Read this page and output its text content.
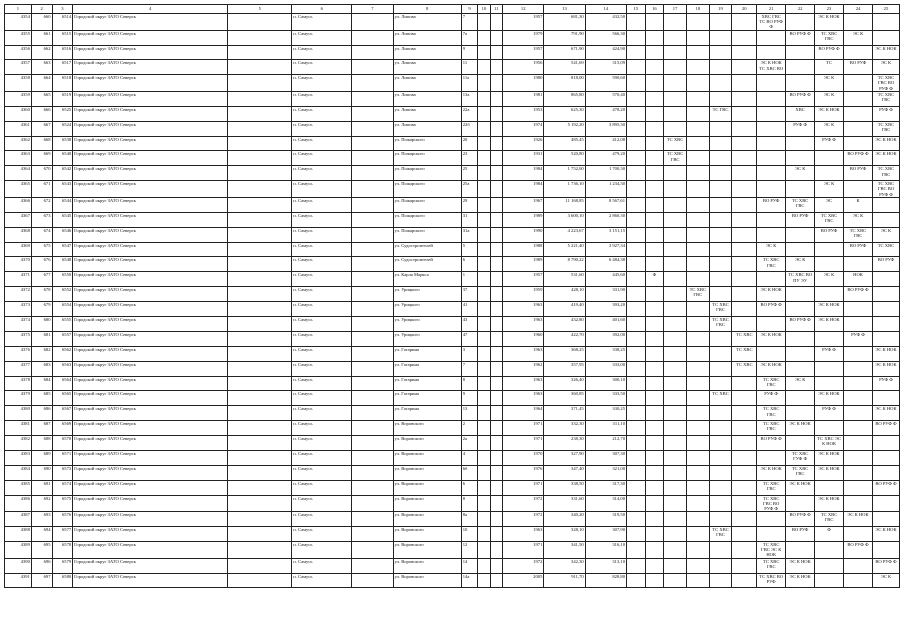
1	2	3	4	5	6	7	8	9	10	11	12	13	14	15	16	17	18	19	20	21	22	23	24	25
4354	660	6514	Городской округ ЗАТО Северск		п. Самусь		ул. Липова	7			1957	681,30	432,50							ХВС ГВС ТС ВО РУФ Ф		ЭС К НОК		
4355	661	6515	Городской округ ЗАТО Северск		п. Самусь		ул. Липова	7а			1979	791,90	566,30								ВО РУФ Ф	ТС ХВС ГВС	ЭС К	
4356	662	6516	Городской округ ЗАТО Северск		п. Самусь		ул. Липова	9			1957	671,90	424,90									ВО РУФ Ф		ЭС К НОК
4357	663	6517	Городской округ ЗАТО Северск		п. Самусь		ул. Липова	11			1956	541,69	315,09							ЭС К НОК ТС ХВС ВО		ТС	ВО РУФ	ЭС К
4358	664	6518	Городской округ ЗАТО Северск		п. Самусь		ул. Липова	11а			1980	818,00	590,60									ЭС К		ТС ХВС ГВС ВО РУФ Ф
4359	665	6519	Городской округ ЗАТО Северск		п. Самусь		ул. Липова	13а			1981	865,80	570,40								ВО РУФ Ф	ЭС К		ТС ХВС ГВС
4360	666	6525	Городской округ ЗАТО Северск		п. Самусь		ул. Липова	22а			1953	625,30	478,20					ТС ГВС			ХВС	ЭС К НОК		РУФ Ф
4361	667	6524	Городской округ ЗАТО Северск		п. Самусь		ул. Липова	22б			1974	5 192,20	3 895,30								РУФ Ф	ЭС К		ТС ХВС ГВС
4362	668	6538	Городской округ ЗАТО Северск		п. Самусь		ул. Пожарского	20			1926	485,45	412,08			ТС ХВС						РУФ Ф		ЭС К НОК
4363	669	6540	Городской округ ЗАТО Северск		п. Самусь		ул. Пожарского	23			1931	520,80	479,20			ТС ХВС ГВС							ВО РУФ Ф	ЭС К НОК
4364	670	6542	Городской округ ЗАТО Северск		п. Самусь		ул. Пожарского	25			1984	1 752,00	1 700,30								ЭС К		ВО РУФ	ТС ХВС ГВС
4365	671	6543	Городской округ ЗАТО Северск		п. Самусь		ул. Пожарского	25а			1984	1 736,10	1 234,30									ЭС К		ТС ХВС ГВС ВО РУФ Ф
4366	672	6544	Городской округ ЗАТО Северск		п. Самусь		ул. Пожарского	29			1967	11 168,85	8 567,61							ВО РУФ	ТС ХВС ГВС	ЭС	К	
4367	673	6545	Городской округ ЗАТО Северск		п. Самусь		ул. Пожарского	31			1989	3 600,10	2 860,30								ВО РУФ	ТС ХВС ГВС	ЭС К	
4368	674	6546	Городской округ ЗАТО Северск		п. Самусь		ул. Пожарского	31а			1990	4 223,67	3 151,15									ВО РУФ	ТС ХВС ГВС	ЭС К
4369	675	6547	Городской округ ЗАТО Северск		п. Самусь		ул. Судостроителей	5			1988	5 221,40	3 927,34							ЭС К			ВО РУФ	ТС ХВС
4370	676	6548	Городской округ ЗАТО Северск		п. Самусь		ул. Судостроителей	6			1989	8 790,22	6 484,38							ТС ХВС ГВС	ЭС К			ВО РУФ
4371	677	6550	Городской округ ЗАТО Северск		п. Самусь		ул. Карла Маркса	1			1957	531,60	445,60		Ф						ТС ХВС ВО ПУ ЭУ	ЭС К	НОК	
4372	678	6552	Городской округ ЗАТО Северск		п. Самусь		ул. Урицкого	37			1959	428,10	331,90				ТС ХВС ГВС			ЭС К НОК			ВО РУФ Ф	
4373	679	6554	Городской округ ЗАТО Северск		п. Самусь		ул. Урицкого	41			1963	419,40	393,20					ТС ХВС ГВС		ВО РУФ Ф		ЭС К НОК		
4374	680	6555	Городской округ ЗАТО Северск		п. Самусь		ул. Урицкого	43			1963	432,80	401,60					ТС ХВС ГВС			ВО РУФ Ф	ЭС К НОК		
4375	681	6557	Городской округ ЗАТО Северск		п. Самусь		ул. Урицкого	47			1960	422,70	392,00						ТС ХВС	ЭС К НОК			РУФ Ф	
4376	682	6562	Городской округ ЗАТО Северск		п. Самусь		ул. Гагарина	3			1963	368,25	338,25						ТС ХВС			РУФ Ф		ЭС К НОК
4377	683	6563	Городской округ ЗАТО Северск		п. Самусь		ул. Гагарина	7			1962	357,95	333,00						ТС ХВС	ЭС К НОК				ЭС К НОК
4378	684	6564	Городской округ ЗАТО Северск		п. Самусь		ул. Гагарина	8			1963	326,40	300,10							ТС ХВС ГВС	ЭС К			РУФ Ф
4379	685	6565	Городской округ ЗАТО Северск		п. Самусь		ул. Гагарина	9			1963	360,85	333,50					ТС ХВС		РУФ Ф		ЭС К НОК		
4380	686	6567	Городской округ ЗАТО Северск		п. Самусь		ул. Гагарина	13			1964	371,45	330,25							ТС ХВС ГВС		РУФ Ф		ЭС К НОК
4381	687	6569	Городской округ ЗАТО Северск		п. Самусь		ул. Воровского	2			1971	332,30	311,10							ТС ХВС ГВС	ЭС К НОК			ВО РУФ Ф
4382	688	6570	Городской округ ЗАТО Северск		п. Самусь		ул. Воровского	2а			1971	238,30	212,70							ВО РУФ Ф		ТС ХВС ЭС К НОК		
4383	689	6571	Городской округ ЗАТО Северск		п. Самусь		ул. Воровского	4			1970	327,90	307,30								ТС ХВС ГУФ Ф	ЭС К НОК		
4384	690	6573	Городской округ ЗАТО Северск		п. Самусь		ул. Воровского	6б			1976	347,40	321,00							ЭС К НОК	ТС ХВС ГВС	ЭС К НОК		
4385	691	6574	Городской округ ЗАТО Северск		п. Самусь		ул. Воровского	6			1971	338,50	317,30							ТС ХВС ГВС	ЭС К НОК			ВО РУФ Ф
4386	692	6575	Городской округ ЗАТО Северск		п. Самусь		ул. Воровского	8			1972	331,60	314,00							ТС ХВС ГВС ВО РУФ Ф		ЭС К НОК		
4387	693	6576	Городской округ ЗАТО Северск		п. Самусь		ул. Воровского	8а			1972	340,20	319,50								ВО РУФ Ф	ТС ХВС ГВС	ЭС К НОК	
4388	694	6577	Городской округ ЗАТО Северск		п. Самусь		ул. Воровского	10			1963	328,10	307,90					ТС ХВС ГВС			ВО РУФ	Ф		ЭС К НОК
4389	695	6578	Городской округ ЗАТО Северск		п. Самусь		ул. Воровского	12			1971	341,50	316,10							ТС ХВС ГВС ЭС К НОК			ВО РУФ Ф	
4390	696	6579	Городской округ ЗАТО Северск		п. Самусь		ул. Воровского	14			1972	342,30	313,10							ТС ХВС ГВС	ЭС К НОК			ВО РУФ Ф
4391	697	6580	Городской округ ЗАТО Северск		п. Самусь		ул. Воровского	14а			2005	911,70	828,80							ТС ХВС ВО РУФ	ЭС К НОК			ЭС К
